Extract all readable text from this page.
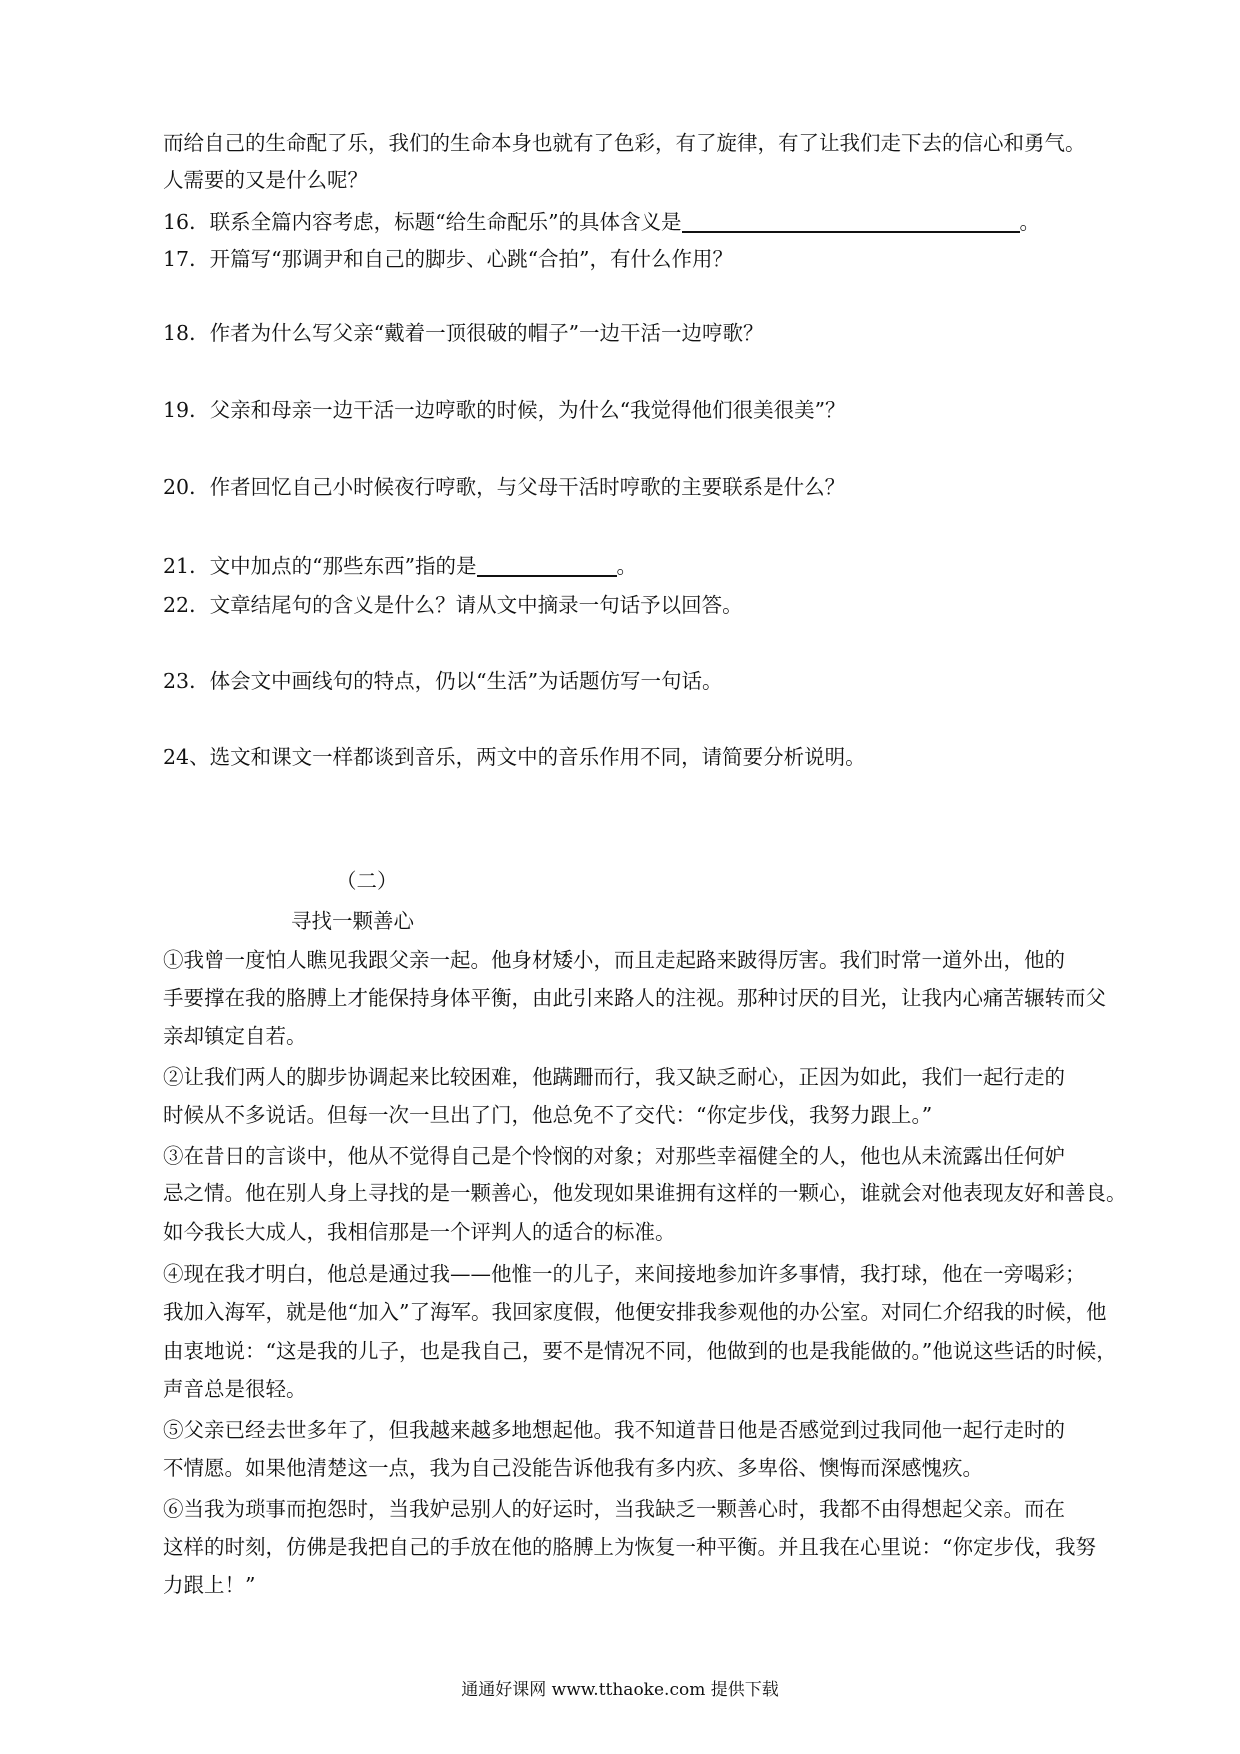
而给自己的生命配了乐，我们的生命本身也就有了色彩，有了旋律，有了让我们走下去的信心和勇气。
人需要的又是什么呢？
16．联系全篇内容考虑，标题“给生命配乐”的具体含义是	。
17．开篇写“那调尹和自己的脚步、心跳“合拍”，有什么作用？
18．作者为什么写父亲“戴着一顶很破的帽子”一边干活一边哼歌？
19．父亲和母亲一边干活一边哼歌的时候，为什么“我觉得他们很美很美”？
20．作者回忆自己小时候夜行哼歌，与父母干活时哼歌的主要联系是什么？
21．文中加点的“那些东西”指的是	。
22．文章结尾句的含义是什么？请从文中摘录一句话予以回答。
23．体会文中画线句的特点，仍以“生活”为话题仿写一句话。
24、选文和课文一样都谈到音乐，两文中的音乐作用不同，请简要分析说明。
（二）
寻找一颗善心
①我曾一度怕人瞧见我跟父亲一起。他身材矮小，而且走起路来跛得厉害。我们时常一道外出，他的
手要撑在我的胳膊上才能保持身体平衡，由此引来路人的注视。那种讨厌的目光，让我内心痛苦辗转而父
亲却镇定自若。
②让我们两人的脚步协调起来比较困难，他蹒跚而行，我又缺乏耐心，正因为如此，我们一起行走的
时候从不多说话。但每一次一旦出了门，他总免不了交代：“你定步伐，我努力跟上。”
③在昔日的言谈中，他从不觉得自己是个怜悯的对象；对那些幸福健全的人，他也从未流露出任何妒
忌之情。他在别人身上寻找的是一颗善心，他发现如果谁拥有这样的一颗心，谁就会对他表现友好和善良。
如今我长大成人，我相信那是一个评判人的适合的标准。
④现在我才明白，他总是通过我——他惟一的儿子，来间接地参加许多事情，我打球，他在一旁喝彩；
我加入海军，就是他“加入”了海军。我回家度假，他便安排我参观他的办公室。对同仁介绍我的时候，他
由衷地说：“这是我的儿子，也是我自己，要不是情况不同，他做到的也是我能做的。”他说这些话的时候，
声音总是很轻。
⑤父亲已经去世多年了，但我越来越多地想起他。我不知道昔日他是否感觉到过我同他一起行走时的
不情愿。如果他清楚这一点，我为自己没能告诉他我有多内疚、多卑俗、懊悔而深感愧疚。
⑥当我为琐事而抱怨时，当我妒忌别人的好运时，当我缺乏一颗善心时，我都不由得想起父亲。而在
这样的时刻，仿佛是我把自己的手放在他的胳膊上为恢复一种平衡。并且我在心里说：“你定步伐，我努
力跟上！”
通通好课网 www.tthaoke.com 提供下载
